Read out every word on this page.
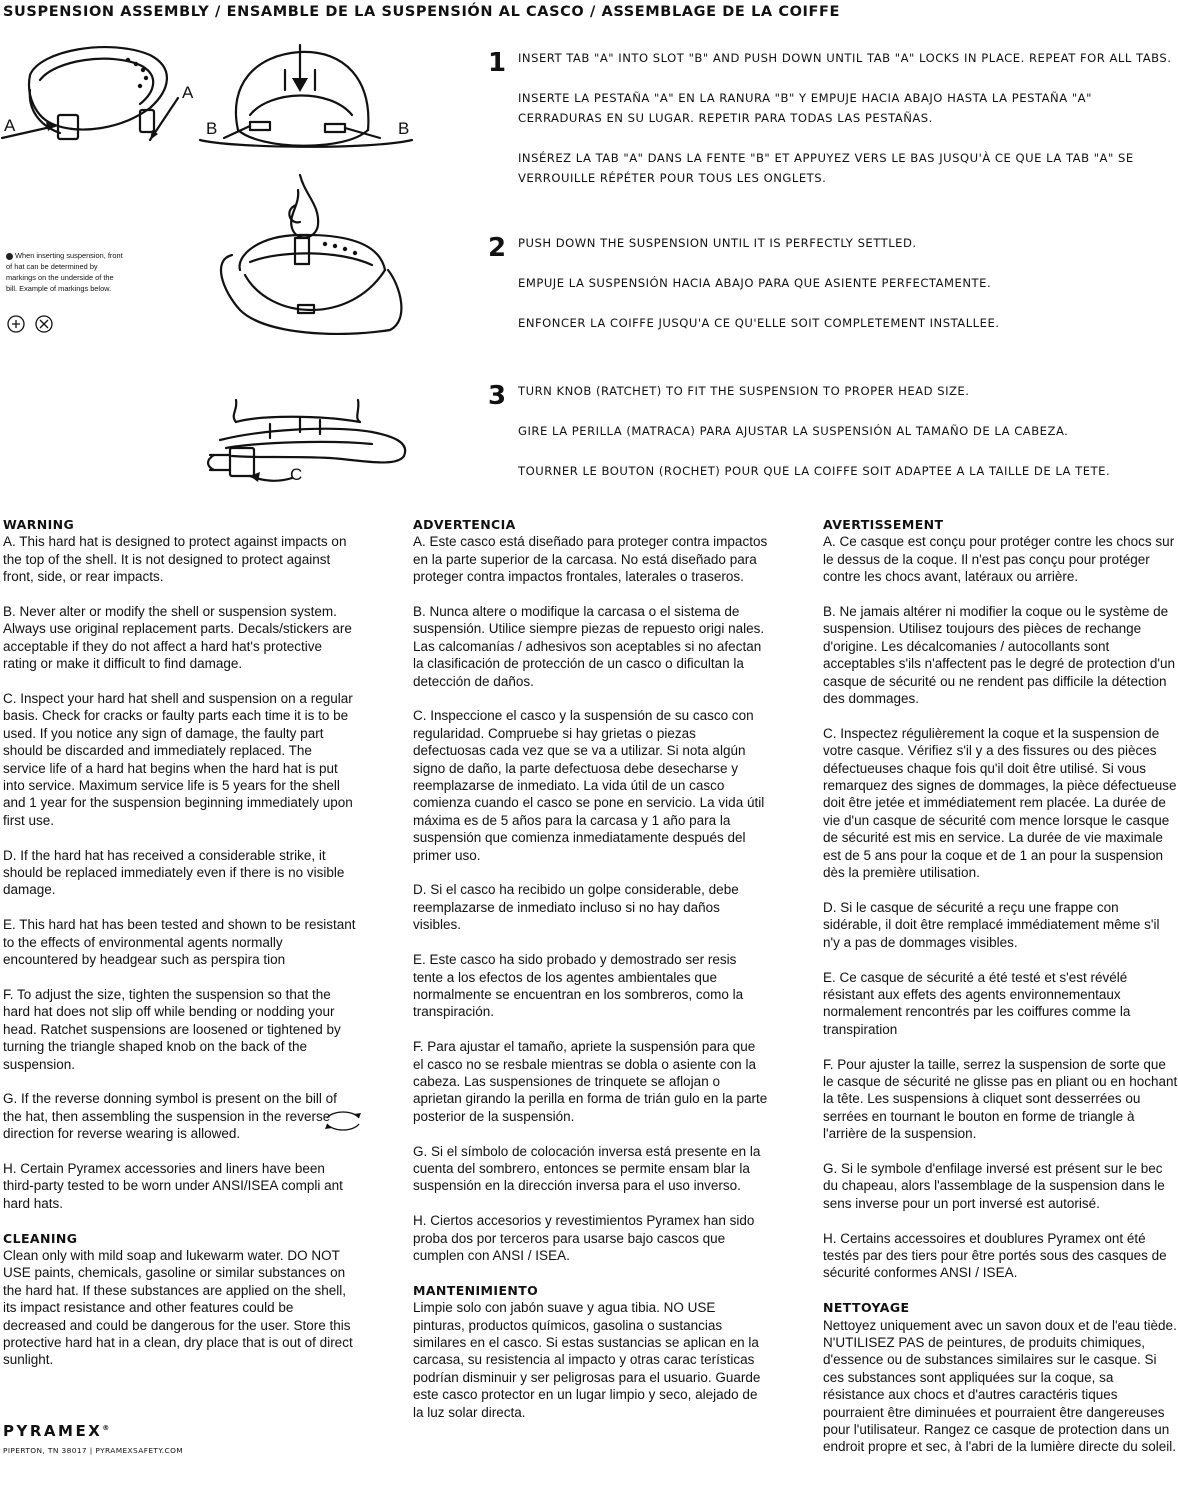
SUSPENSION ASSEMBLY / ENSAMBLE DE LA SUSPENSIÓN AL CASCO / ASSEMBLAGE DE LA COIFFE
A
A
B	B
C
When inserting suspension, front of hat can be determined by markings on the underside of the bill. Example of markings below.
1 INSERT TAB "A" INTO SLOT "B" AND PUSH DOWN UNTIL TAB "A" LOCKS IN PLACE. REPEAT FOR ALL TABS.
INSERTE LA PESTAÑA "A" EN LA RANURA "B" Y EMPUJE HACIA ABAJO HASTA LA PESTAÑA "A" CERRADURAS EN SU LUGAR. REPETIR PARA TODAS LAS PESTAÑAS.
INSÉREZ LA TAB "A" DANS LA FENTE "B" ET APPUYEZ VERS LE BAS JUSQU'À CE QUE LA TAB "A" SE VERROUILLE RÉPÉTER POUR TOUS LES ONGLETS.
2 PUSH DOWN THE SUSPENSION UNTIL IT IS PERFECTLY SETTLED.
EMPUJE LA SUSPENSIÓN HACIA ABAJO PARA QUE ASIENTE PERFECTAMENTE.
ENFONCER LA COIFFE JUSQU'A CE QU'ELLE SOIT COMPLETEMENT INSTALLEE.
3 TURN KNOB (RATCHET) TO FIT THE SUSPENSION TO PROPER HEAD SIZE.
GIRE LA PERILLA (MATRACA) PARA AJUSTAR LA SUSPENSIÓN AL TAMAÑO DE LA CABEZA.
TOURNER LE BOUTON (ROCHET) POUR QUE LA COIFFE SOIT ADAPTEE A LA TAILLE DE LA TETE.
WARNING

A. This hard hat is designed to protect against impacts on the top of the shell. It is not designed to protect against front, side, or rear impacts.

B. Never alter or modify the shell or suspension system. Always use original replacement parts. Decals/stickers are acceptable if they do not affect a hard hat's protective rating or make it difficult to find damage.

C. Inspect your hard hat shell and suspension on a regular basis. Check for cracks or faulty parts each time it is to be used. If you notice any sign of damage, the faulty part should be discarded and immediately replaced. The service life of a hard hat begins when the hard hat is put into service. Maximum service life is 5 years for the shell and 1 year for the suspension beginning immediately upon first use.

D. If the hard hat has received a considerable strike, it should be replaced immediately even if there is no visible damage.

E. This hard hat has been tested and shown to be resistant to the effects of environmental agents normally encountered by headgear such as perspira tion

F. To adjust the size, tighten the suspension so that the hard hat does not slip off while bending or nodding your head. Ratchet suspensions are loosened or tightened by turning the triangle shaped knob on the back of the suspension.

G. If the reverse donning symbol is present on the bill of the hat, then assembling the suspension in the reverse direction for reverse wearing is allowed.

H. Certain Pyramex accessories and liners have been third-party tested to be worn under ANSI/ISEA compli ant hard hats.

CLEANING

Clean only with mild soap and lukewarm water. DO NOT USE paints, chemicals, gasoline or similar substances on the hard hat. If these substances are applied on the shell, its impact resistance and other features could be decreased and could be dangerous for the user. Store this protective hard hat in a clean, dry place that is out of direct sunlight.

ADVERTENCIA

A. Este casco está diseñado para proteger contra impactos en la parte superior de la carcasa. No está diseñado para proteger contra impactos frontales, laterales o traseros.

B. Nunca altere o modifique la carcasa o el sistema de suspensión. Utilice siempre piezas de repuesto origi nales. Las calcomanías / adhesivos son aceptables si no afectan la clasificación de protección de un casco o dificultan la detección de daños.

C. Inspeccione el casco y la suspensión de su casco con regularidad. Compruebe si hay grietas o piezas defectuosas cada vez que se va a utilizar. Si nota algún signo de daño, la parte defectuosa debe desecharse y reemplazarse de inmediato. La vida útil de un casco comienza cuando el casco se pone en servicio. La vida útil máxima es de 5 años para la carcasa y 1 año para la suspensión que comienza inmediatamente después del primer uso.

D. Si el casco ha recibido un golpe considerable, debe reemplazarse de inmediato incluso si no hay daños visibles.

E. Este casco ha sido probado y demostrado ser resis tente a los efectos de los agentes ambientales que normalmente se encuentran en los sombreros, como la transpiración.

F. Para ajustar el tamaño, apriete la suspensión para que el casco no se resbale mientras se dobla o asiente con la cabeza. Las suspensiones de trinquete se aflojan o aprietan girando la perilla en forma de trián gulo en la parte posterior de la suspensión.

G. Si el símbolo de colocación inversa está presente en la cuenta del sombrero, entonces se permite ensam blar la suspensión en la dirección inversa para el uso inverso.

H. Ciertos accesorios y revestimientos Pyramex han sido proba dos por terceros para usarse bajo cascos que cumplen con ANSI / ISEA.

MANTENIMIENTO

Limpie solo con jabón suave y agua tibia. NO USE pinturas, productos químicos, gasolina o sustancias similares en el casco. Si estas sustancias se aplican en la carcasa, su resistencia al impacto y otras carac terísticas podrían disminuir y ser peligrosas para el usuario. Guarde este casco protector en un lugar limpio y seco, alejado de la luz solar directa.

AVERTISSEMENT

A. Ce casque est conçu pour protéger contre les chocs sur le dessus de la coque. Il n'est pas conçu pour protéger contre les chocs avant, latéraux ou arrière.

B. Ne jamais altérer ni modifier la coque ou le système de suspension. Utilisez toujours des pièces de rechange d'origine. Les décalcomanies / autocollants sont acceptables s'ils n'affectent pas le degré de protection d'un casque de sécurité ou ne rendent pas difficile la détection des dommages.

C. Inspectez régulièrement la coque et la suspension de votre casque. Vérifiez s'il y a des fissures ou des pièces défectueuses chaque fois qu'il doit être utilisé. Si vous remarquez des signes de dommages, la pièce défectueuse doit être jetée et immédiatement rem placée. La durée de vie d'un casque de sécurité com mence lorsque le casque de sécurité est mis en service. La durée de vie maximale est de 5 ans pour la coque et de 1 an pour la suspension dès la première utilisation.

D. Si le casque de sécurité a reçu une frappe con sidérable, il doit être remplacé immédiatement même s'il n'y a pas de dommages visibles.

E. Ce casque de sécurité a été testé et s'est révélé résistant aux effets des agents environnementaux normalement rencontrés par les coiffures comme la transpiration

F. Pour ajuster la taille, serrez la suspension de sorte que le casque de sécurité ne glisse pas en pliant ou en hochant la tête. Les suspensions à cliquet sont desserrées ou serrées en tournant le bouton en forme de triangle à l'arrière de la suspension.

G. Si le symbole d'enfilage inversé est présent sur le bec du chapeau, alors l'assemblage de la suspension dans le sens inverse pour un port inversé est autorisé.

H. Certains accessoires et doublures Pyramex ont été testés par des tiers pour être portés sous des casques de sécurité conformes ANSI / ISEA.

NETTOYAGE

Nettoyez uniquement avec un savon doux et de l'eau tiède. N'UTILISEZ PAS de peintures, de produits chimiques, d'essence ou de substances similaires sur le casque. Si ces substances sont appliquées sur la coque, sa résistance aux chocs et d'autres caractéris tiques pourraient être diminuées et pourraient être dangereuses pour l'utilisateur. Rangez ce casque de protection dans un endroit propre et sec, à l'abri de la lumière directe du soleil.

PYRAMEX®
PIPERTON, TN 38017 | PYRAMEXSAFETY.COM
